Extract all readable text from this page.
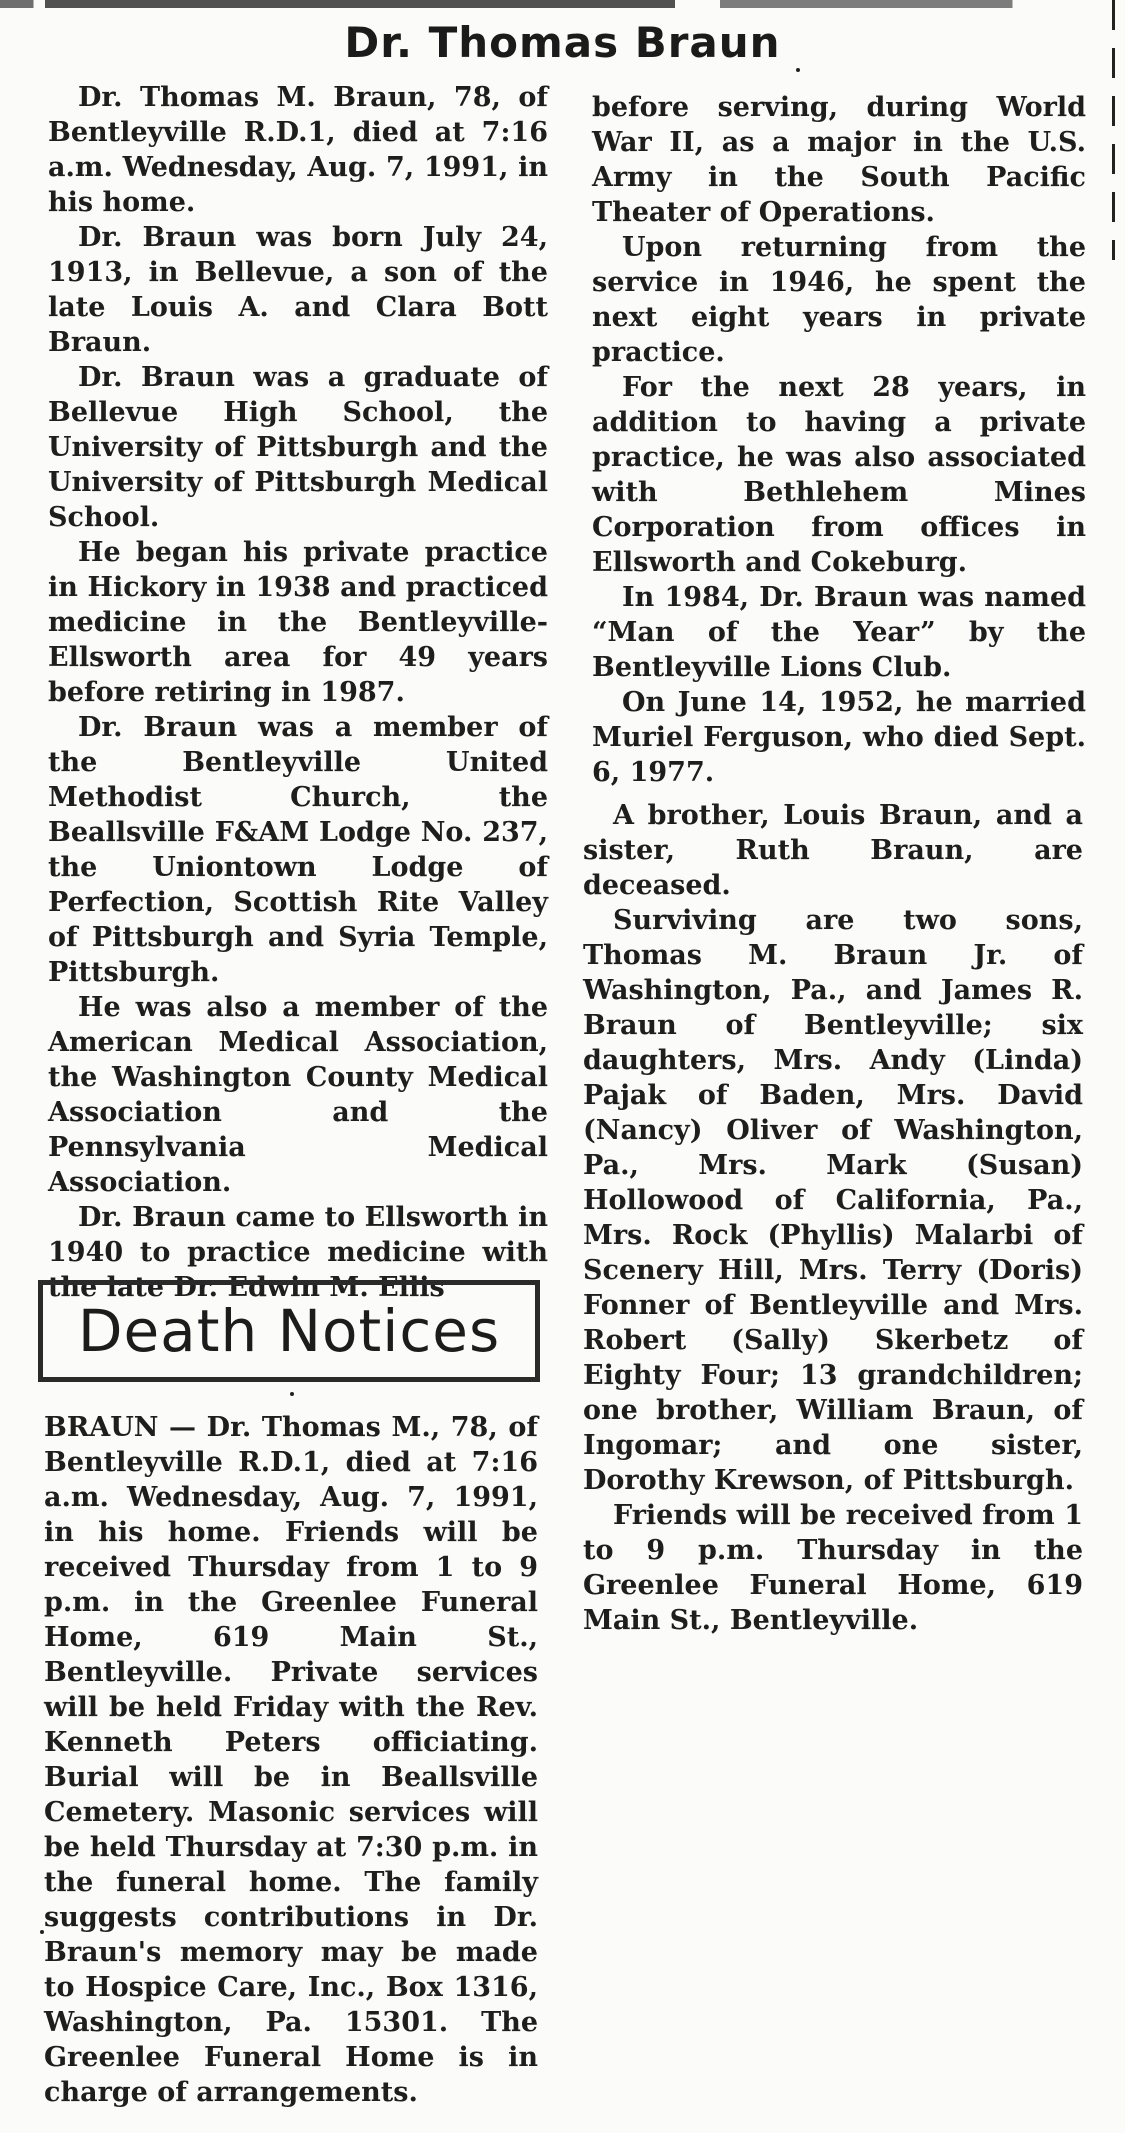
Dr. Thomas Braun

Dr. Thomas M. Braun, 78, of Bentleyville R.D.1, died at 7:16 a.m. Wednesday, Aug. 7, 1991, in his home.

Dr. Braun was born July 24, 1913, in Bellevue, a son of the late Louis A. and Clara Bott Braun.

Dr. Braun was a graduate of Bellevue High School, the University of Pittsburgh and the University of Pittsburgh Medical School.

He began his private practice in Hickory in 1938 and practiced medicine in the Bentleyville-Ellsworth area for 49 years before retiring in 1987.

Dr. Braun was a member of the Bentleyville United Methodist Church, the Beallsville F&AM Lodge No. 237, the Uniontown Lodge of Perfection, Scottish Rite Valley of Pittsburgh and Syria Temple, Pittsburgh.

He was also a member of the American Medical Association, the Washington County Medical Association and the Pennsylvania Medical Association.

Dr. Braun came to Ellsworth in 1940 to practice medicine with the late Dr. Edwin M. Ellis

before serving, during World War II, as a major in the U.S. Army in the South Pacific Theater of Operations.

Upon returning from the service in 1946, he spent the next eight years in private practice.

For the next 28 years, in addition to having a private practice, he was also associated with Bethlehem Mines Corporation from offices in Ellsworth and Cokeburg.

In 1984, Dr. Braun was named “Man of the Year” by the Bentleyville Lions Club.

On June 14, 1952, he married Muriel Ferguson, who died Sept. 6, 1977.

A brother, Louis Braun, and a sister, Ruth Braun, are deceased.

Surviving are two sons, Thomas M. Braun Jr. of Washington, Pa., and James R. Braun of Bentleyville; six daughters, Mrs. Andy (Linda) Pajak of Baden, Mrs. David (Nancy) Oliver of Washington, Pa., Mrs. Mark (Susan) Hollowood of California, Pa., Mrs. Rock (Phyllis) Malarbi of Scenery Hill, Mrs. Terry (Doris) Fonner of Bentleyville and Mrs. Robert (Sally) Skerbetz of Eighty Four; 13 grandchildren; one brother, William Braun, of Ingomar; and one sister, Dorothy Krewson, of Pittsburgh.

Friends will be received from 1 to 9 p.m. Thursday in the Greenlee Funeral Home, 619 Main St., Bentleyville.

Death Notices

BRAUN — Dr. Thomas M., 78, of Bentleyville R.D.1, died at 7:16 a.m. Wednesday, Aug. 7, 1991, in his home. Friends will be received Thursday from 1 to 9 p.m. in the Greenlee Funeral Home, 619 Main St., Bentleyville. Private services will be held Friday with the Rev. Kenneth Peters officiating. Burial will be in Beallsville Cemetery. Masonic services will be held Thursday at 7:30 p.m. in the funeral home. The family suggests contributions in Dr. Braun's memory may be made to Hospice Care, Inc., Box 1316, Washington, Pa. 15301. The Greenlee Funeral Home is in charge of arrangements.
